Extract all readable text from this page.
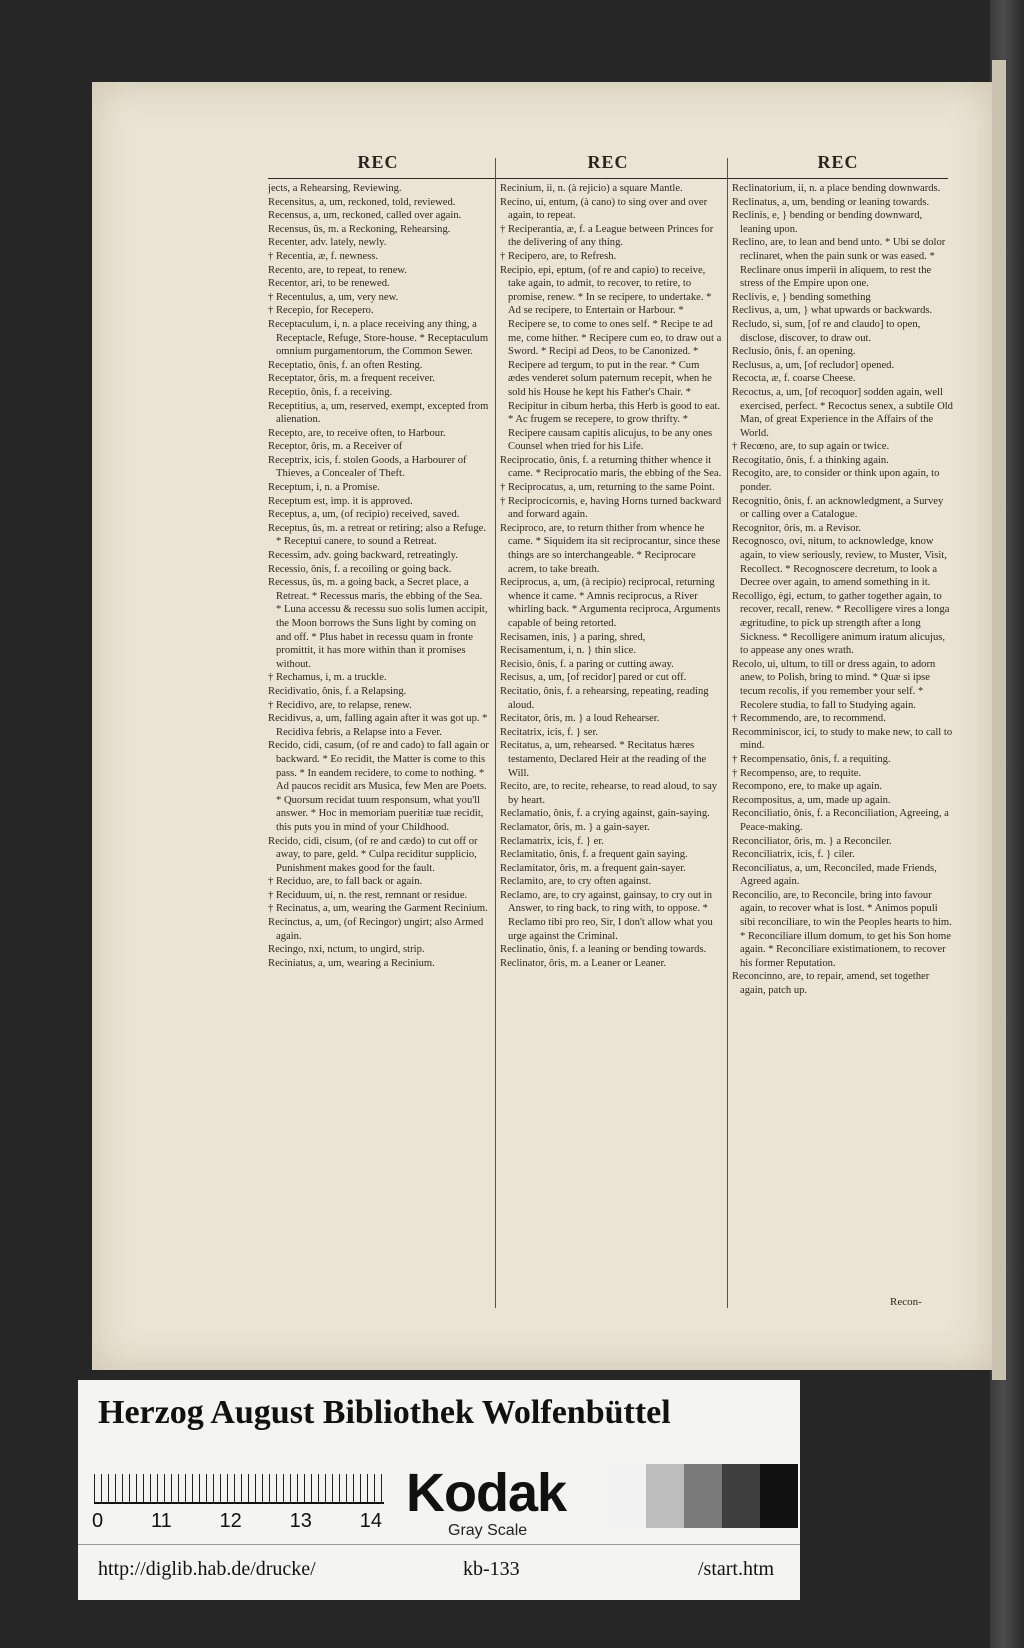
REC	REC	REC

jects, a Rehearsing, Reviewing.

Recensitus, a, um, reckoned, told, reviewed.

Recensus, a, um, reckoned, called over again.

Recensus, ûs, m. a Reckoning, Rehearsing.

Recenter, adv. lately, newly.

† Recentia, æ, f. newness.

Recento, are, to repeat, to renew.

Recentor, ari, to be renewed.

† Recentulus, a, um, very new.

† Recepio, for Recepero.

Receptaculum, i, n. a place receiving any thing, a Receptacle, Refuge, Store-house. * Receptaculum omnium purgamentorum, the Common Sewer.

Receptatio, ônis, f. an often Resting.

Receptator, ôris, m. a frequent receiver.

Receptio, ônis, f. a receiving.

Receptitius, a, um, reserved, exempt, excepted from alienation.

Recepto, are, to receive often, to Harbour.

Receptor, ôris, m. a Receiver of

Receptrix, icis, f. stolen Goods, a Harbourer of Thieves, a Concealer of Theft.

Receptum, i, n. a Promise.

Receptum est, imp. it is approved.

Receptus, a, um, (of recipio) received, saved.

Receptus, ûs, m. a retreat or retiring; also a Refuge. * Receptui canere, to sound a Retreat.

Recessim, adv. going backward, retreatingly.

Recessio, ônis, f. a recoiling or going back.

Recessus, ûs, m. a going back, a Secret place, a Retreat. * Recessus maris, the ebbing of the Sea. * Luna accessu & recessu suo solis lumen accipit, the Moon borrows the Suns light by coming on and off. * Plus habet in recessu quam in fronte promittit, it has more within than it promises without.

† Rechamus, i, m. a truckle.

Recidivatio, ônis, f. a Relapsing.

† Recidivo, are, to relapse, renew.

Recidivus, a, um, falling again after it was got up. * Recidiva febris, a Relapse into a Fever.

Recido, cidi, casum, (of re and cado) to fall again or backward. * Eo recidit, the Matter is come to this pass. * In eandem recidere, to come to nothing. * Ad paucos recidit ars Musica, few Men are Poets. * Quorsum recidat tuum responsum, what you'll answer. * Hoc in memoriam pueritiæ tuæ recidit, this puts you in mind of your Childhood.

Recido, cidi, cisum, (of re and cædo) to cut off or away, to pare, geld. * Culpa reciditur supplicio, Punishment makes good for the fault.

† Reciduo, are, to fall back or again.

† Reciduum, ui, n. the rest, remnant or residue.

† Recinatus, a, um, wearing the Garment Recinium.

Recinctus, a, um, (of Recingor) ungirt; also Armed again.

Recingo, nxi, nctum, to ungird, strip.

Reciniatus, a, um, wearing a Recinium.

Recinium, ii, n. (à rejicio) a square Mantle.

Recino, ui, entum, (à cano) to sing over and over again, to repeat.

† Reciperantia, æ, f. a League between Princes for the delivering of any thing.

† Recipero, are, to Refresh.

Recipio, epi, eptum, (of re and capio) to receive, take again, to admit, to recover, to retire, to promise, renew. * In se recipere, to undertake. * Ad se recipere, to Entertain or Harbour. * Recipere se, to come to ones self. * Recipe te ad me, come hither. * Recipere cum eo, to draw out a Sword. * Recipi ad Deos, to be Canonized. * Recipere ad tergum, to put in the rear. * Cum ædes venderet solum paternum recepit, when he sold his House he kept his Father's Chair. * Recipitur in cibum herba, this Herb is good to eat. * Ac frugem se recepere, to grow thrifty. * Recipere causam capitis alicujus, to be any ones Counsel when tried for his Life.

Reciprocatio, ônis, f. a returning thither whence it came. * Reciprocatio maris, the ebbing of the Sea.

† Reciprocatus, a, um, returning to the same Point.

† Reciprocicornis, e, having Horns turned backward and forward again.

Reciproco, are, to return thither from whence he came. * Siquidem ita sit reciprocantur, since these things are so interchangeable. * Reciprocare acrem, to take breath.

Reciprocus, a, um, (à recipio) reciprocal, returning whence it came. * Amnis reciprocus, a River whirling back. * Argumenta reciproca, Arguments capable of being retorted.

Recisamen, inis, } a paring, shred,

Recisamentum, i, n. } thin slice.

Recisio, ônis, f. a paring or cutting away.

Recisus, a, um, [of recidor] pared or cut off.

Recitatio, ônis, f. a rehearsing, repeating, reading aloud.

Recitator, ôris, m. } a loud Rehearser.

Recitatrix, icis, f. } ser.

Recitatus, a, um, rehearsed. * Recitatus hæres testamento, Declared Heir at the reading of the Will.

Recito, are, to recite, rehearse, to read aloud, to say by heart.

Reclamatio, ônis, f. a crying against, gain-saying.

Reclamator, ôris, m. } a gain-sayer.

Reclamatrix, icis, f. } er.

Reclamitatio, ônis, f. a frequent gain saying.

Reclamitator, ôris, m. a frequent gain-sayer.

Reclamito, are, to cry often against.

Reclamo, are, to cry against, gainsay, to cry out in Answer, to ring back, to ring with, to oppose. * Reclamo tibi pro reo, Sir, I don't allow what you urge against the Criminal.

Reclinatio, ônis, f. a leaning or bending towards.

Reclinator, ôris, m. a Leaner or Leaner.

Reclinatorium, ii, n. a place bending downwards.

Reclinatus, a, um, bending or leaning towards.

Reclinis, e, } bending or bending downward, leaning upon.

Reclino, are, to lean and bend unto. * Ubi se dolor reclinaret, when the pain sunk or was eased. * Reclinare onus imperii in aliquem, to rest the stress of the Empire upon one.

Reclivis, e, } bending something

Reclivus, a, um, } what upwards or backwards.

Recludo, si, sum, [of re and claudo] to open, disclose, discover, to draw out.

Reclusio, ônis, f. an opening.

Reclusus, a, um, [of recludor] opened.

Recocta, æ, f. coarse Cheese.

Recoctus, a, um, [of recoquor] sodden again, well exercised, perfect. * Recoctus senex, a subtile Old Man, of great Experience in the Affairs of the World.

† Recœno, are, to sup again or twice.

Recogitatio, ônis, f. a thinking again.

Recogito, are, to consider or think upon again, to ponder.

Recognitio, ônis, f. an acknowledgment, a Survey or calling over a Catalogue.

Recognitor, ôris, m. a Revisor.

Recognosco, ovi, nitum, to acknowledge, know again, to view seriously, review, to Muster, Visit, Recollect. * Recognoscere decretum, to look a Decree over again, to amend something in it.

Recolligo, ègi, ectum, to gather together again, to recover, recall, renew. * Recolligere vires a longa ægritudine, to pick up strength after a long Sickness. * Recolligere animum iratum alicujus, to appease any ones wrath.

Recolo, ui, ultum, to till or dress again, to adorn anew, to Polish, bring to mind. * Quæ si ipse tecum recolis, if you remember your self. * Recolere studia, to fall to Studying again.

† Recommendo, are, to recommend.

Recomminiscor, ici, to study to make new, to call to mind.

† Recompensatio, ônis, f. a requiting.

† Recompenso, are, to requite.

Recompono, ere, to make up again.

Recompositus, a, um, made up again.

Reconciliatio, ônis, f. a Reconciliation, Agreeing, a Peace-making.

Reconciliator, ôris, m. } a Reconciler.

Reconciliatrix, icis, f. } ciler.

Reconciliatus, a, um, Reconciled, made Friends, Agreed again.

Reconcilio, are, to Reconcile, bring into favour again, to recover what is lost. * Animos populi sibi reconciliare, to win the Peoples hearts to him. * Reconciliare illum domum, to get his Son home again. * Reconciliare existimationem, to recover his former Reputation.

Reconcinno, are, to repair, amend, set together again, patch up.

Recon-
Herzog August Bibliothek Wolfenbüttel
0 11 12 13 14 Kodak
Gray Scale
http://diglib.hab.de/drucke/	kb-133	/start.htm
